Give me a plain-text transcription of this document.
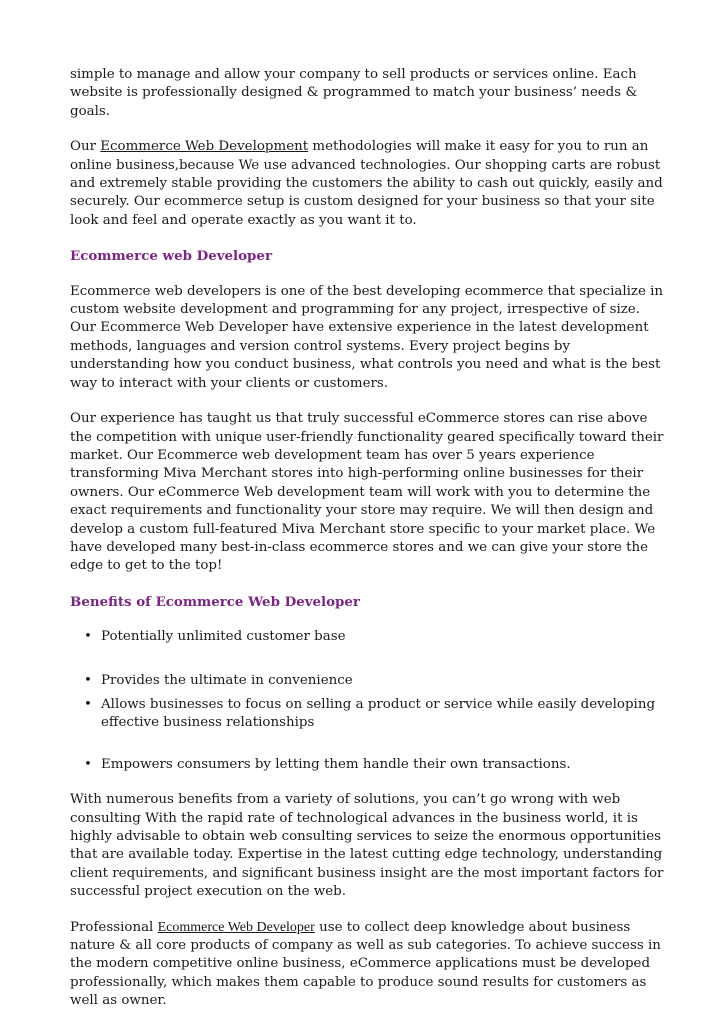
simple to manage and allow your company to sell products or services online. Each website is professionally designed & programmed to match your business’ needs & goals.

Our Ecommerce Web Development methodologies will make it easy for you to run an online business,because We use advanced technologies. Our shopping carts are robust and extremely stable providing the customers the ability to cash out quickly, easily and securely. Our ecommerce setup is custom designed for your business so that your site look and feel and operate exactly as you want it to.

Ecommerce web Developer

Ecommerce web developers is one of the best developing ecommerce that specialize in custom website development and programming for any project, irrespective of size. Our Ecommerce Web Developer have extensive experience in the latest development methods, languages and version control systems. Every project begins by understanding how you conduct business, what controls you need and what is the best way to interact with your clients or customers.

Our experience has taught us that truly successful eCommerce stores can rise above the competition with unique user-friendly functionality geared specifically toward their market. Our Ecommerce web development team has over 5 years experience transforming Miva Merchant stores into high-performing online businesses for their owners. Our eCommerce Web development team will work with you to determine the exact requirements and functionality your store may require. We will then design and develop a custom full-featured Miva Merchant store specific to your market place. We have developed many best-in-class ecommerce stores and we can give your store the edge to get to the top!

Benefits of Ecommerce Web Developer

• Potentially unlimited customer base
• Provides the ultimate in convenience
• Allows businesses to focus on selling a product or service while easily developing effective business relationships
• Empowers consumers by letting them handle their own transactions.

With numerous benefits from a variety of solutions, you can’t go wrong with web consulting With the rapid rate of technological advances in the business world, it is highly advisable to obtain web consulting services to seize the enormous opportunities that are available today. Expertise in the latest cutting edge technology, understanding client requirements, and significant business insight are the most important factors for successful project execution on the web.

Professional Ecommerce Web Developer use to collect deep knowledge about business nature & all core products of company as well as sub categories. To achieve success in the modern competitive online business, eCommerce applications must be developed professionally, which makes them capable to produce sound results for customers as well as owner.
